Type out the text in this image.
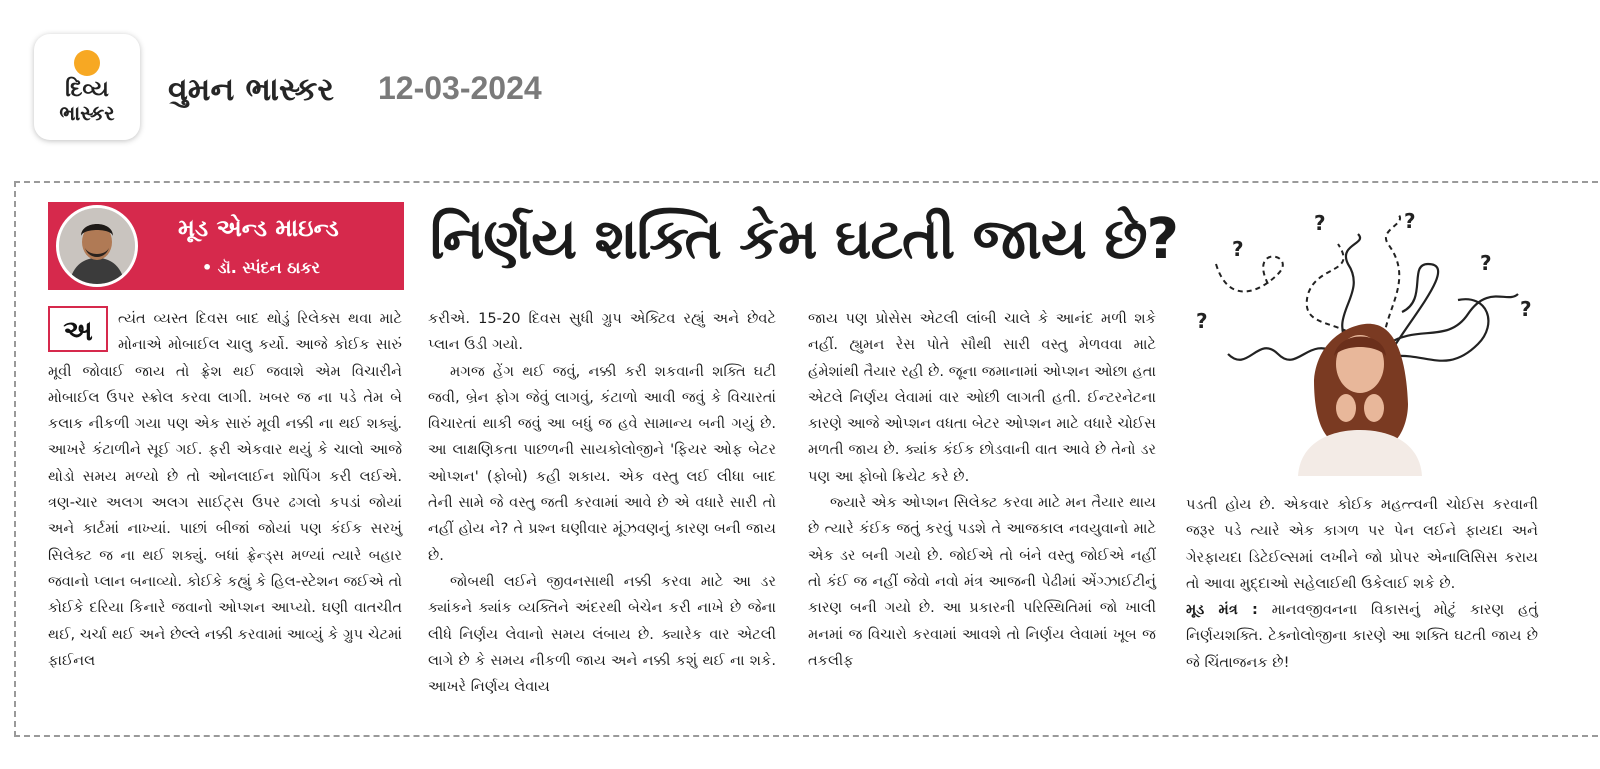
દિવ્ય
ભાસ્કર
વુમન ભાસ્કર 12-03-2024
મૂડ એન્ડ માઇન્ડ
• ડૉ. સ્પંદન ઠાકર નિર્ણય શક્તિ કેમ ઘટતી જાય છે?
અ	ત્યંત વ્યસ્ત દિવસ બાદ થોડું રિલેક્સ થવા માટે મોનાએ મોબાઈલ ચાલુ કર્યો. આજે કોઈક સારું મૂવી જોવાઈ જાય તો ફ્રેશ થઈ જવાશે એમ વિચારીને મોબાઈલ ઉપર સ્ક્રોલ કરવા લાગી. ખબર જ ના પડે તેમ બે કલાક નીકળી ગયા પણ એક સારું મૂવી નક્કી ના થઈ શક્યું. આખરે કંટાળીને સૂઈ ગઈ. ફરી એકવાર થયું કે ચાલો આજે થોડો સમય મળ્યો છે તો ઓનલાઈન શોપિંગ કરી લઈએ. ત્રણ-ચાર અલગ અલગ સાઈટ્સ ઉપર ઢગલો કપડાં જોયાં અને કાર્ટમાં નાખ્યાં. પાછાં બીજાં જોયાં પણ કંઈક સરખું સિલેક્ટ જ ના થઈ શક્યું. બધાં ફ્રેન્ડ્સ મળ્યાં ત્યારે બહાર જવાનો પ્લાન બનાવ્યો. કોઈકે કહ્યું કે હિલ-સ્ટેશન જઈએ તો કોઈકે દરિયા કિનારે જવાનો ઓપ્શન આપ્યો. ઘણી વાતચીત થઈ, ચર્ચા થઈ અને છેલ્લે નક્કી કરવામાં આવ્યું કે ગ્રુપ ચેટમાં ફાઈનલ

કરીએ. 15-20 દિવસ સુધી ગ્રુપ એક્ટિવ રહ્યું અને છેવટે પ્લાન ઉડી ગયો.

મગજ હેંગ થઈ જવું, નક્કી કરી શકવાની શક્તિ ઘટી જવી, બ્રેન ફોગ જેવું લાગવું, કંટાળો આવી જવું કે વિચારતાં વિચારતાં થાકી જવું આ બધું જ હવે સામાન્ય બની ગયું છે. આ લાક્ષણિકતા પાછળની સાયકોલોજીને 'ફિયર ઓફ બેટર ઓપ્શન' (ફોબો) કહી શકાય. એક વસ્તુ લઈ લીધા બાદ તેની સામે જે વસ્તુ જતી કરવામાં આવે છે એ વધારે સારી તો નહીં હોય ને? તે પ્રશ્ન ઘણીવાર મૂંઝવણનું કારણ બની જાય છે.

જોબથી લઈને જીવનસાથી નક્કી કરવા માટે આ ડર ક્યાંકને ક્યાંક વ્યક્તિને અંદરથી બેચેન કરી નાખે છે જેના લીધે નિર્ણય લેવાનો સમય લંબાય છે. ક્યારેક વાર એટલી લાગે છે કે સમય નીકળી જાય અને નક્કી કશું થઈ ના શકે. આખરે નિર્ણય લેવાય

જાય પણ પ્રોસેસ એટલી લાંબી ચાલે કે આનંદ મળી શકે નહીં. હ્યુમન રેસ પોતે સૌથી સારી વસ્તુ મેળવવા માટે હંમેશાંથી તૈયાર રહી છે. જૂના જમાનામાં ઓપ્શન ઓછા હતા એટલે નિર્ણય લેવામાં વાર ઓછી લાગતી હતી. ઈન્ટરનેટના કારણે આજે ઓપ્શન વધતા બેટર ઓપ્શન માટે વધારે ચોઈસ મળતી જાય છે. ક્યાંક કંઈક છોડવાની વાત આવે છે તેનો ડર પણ આ ફોબો ક્રિયેટ કરે છે.

જ્યારે એક ઓપ્શન સિલેક્ટ કરવા માટે મન તૈયાર થાય છે ત્યારે કંઈક જતું કરવું પડશે તે આજકાલ નવયુવાનો માટે એક ડર બની ગયો છે. જોઈએ તો બંને વસ્તુ જોઈએ નહીં તો કંઈ જ નહીં જેવો નવો મંત્ર આજની પેઢીમાં એંગ્ઝાઈટીનું કારણ બની ગયો છે. આ પ્રકારની પરિસ્થિતિમાં જો ખાલી મનમાં જ વિચારો કરવામાં આવશે તો નિર્ણય લેવામાં ખૂબ જ તકલીફ

?
?	?
?
?
?

પડતી હોય છે. એકવાર કોઈક મહત્ત્વની ચોઈસ કરવાની જરૂર પડે ત્યારે એક કાગળ પર પેન લઈને ફાયદા અને ગેરફાયદા ડિટેઈલ્સમાં લખીને જો પ્રોપર એનાલિસિસ કરાય તો આવા મુદ્દાઓ સહેલાઈથી ઉકેલાઈ શકે છે.

મૂડ મંત્ર : માનવજીવનના વિકાસનું મોટું કારણ હતું નિર્ણયશક્તિ. ટેક્નોલોજીના કારણે આ શક્તિ ઘટતી જાય છે જે ચિંતાજનક છે!
